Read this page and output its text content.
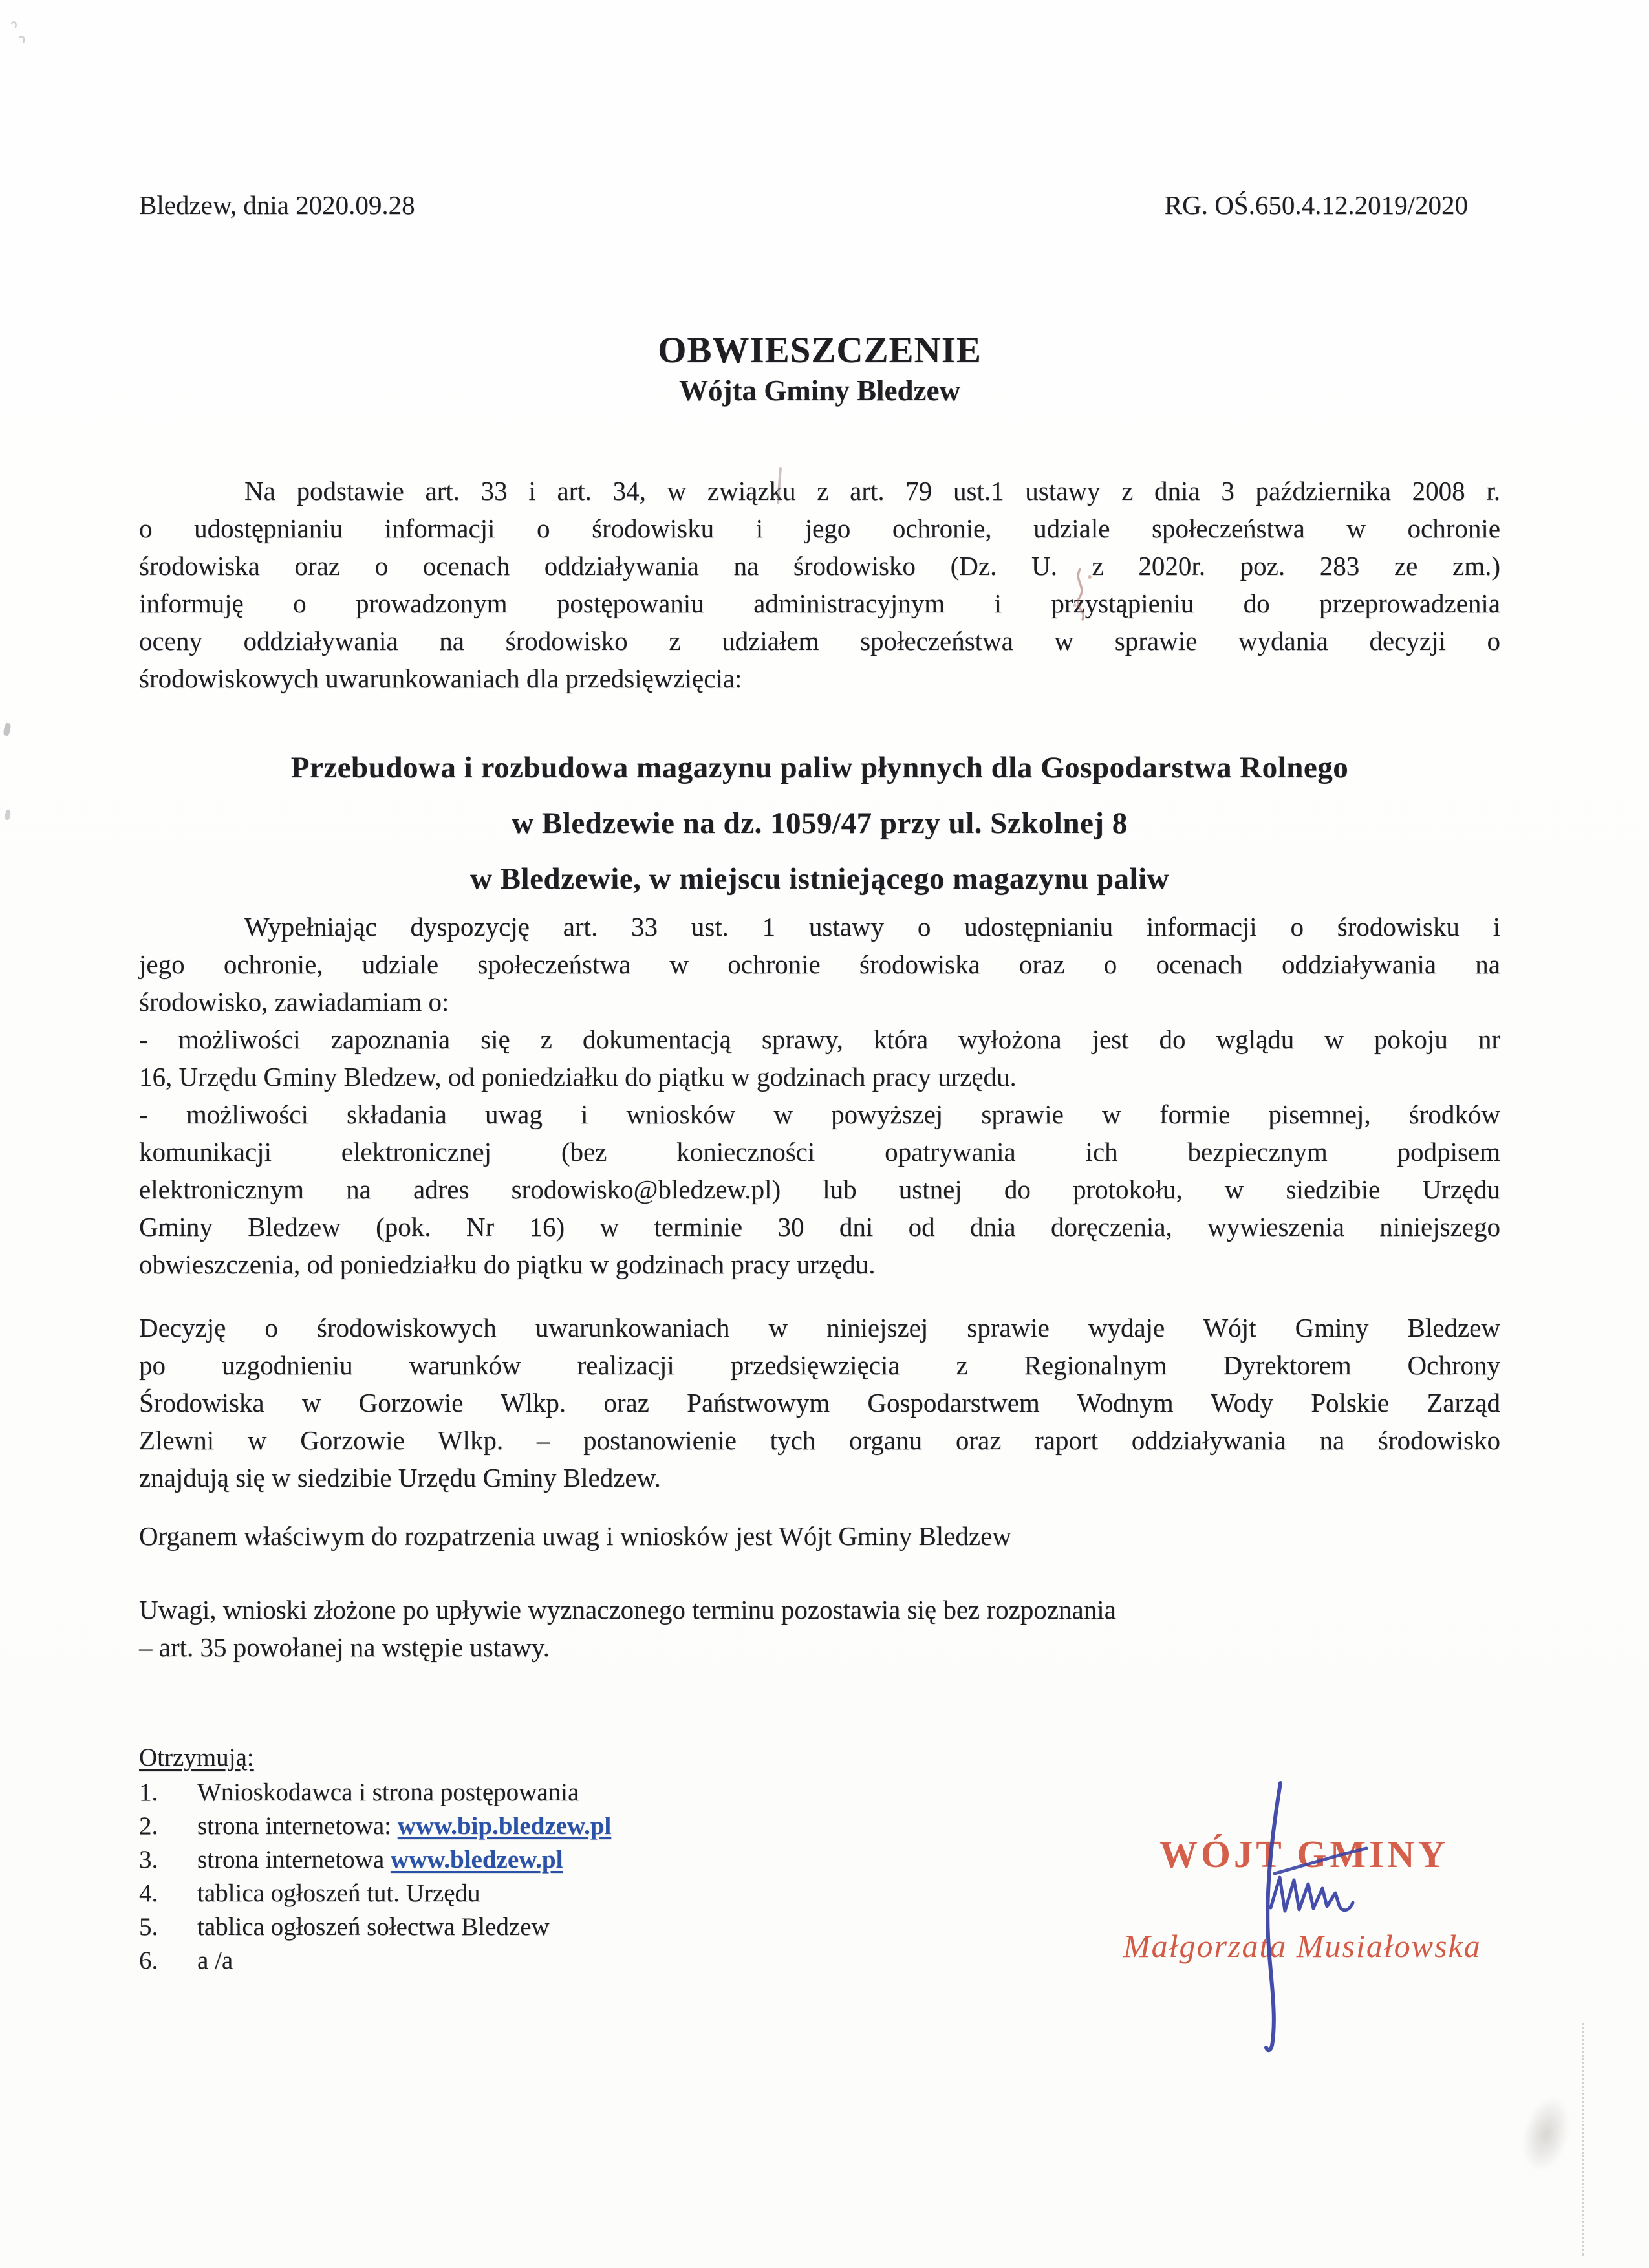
Bledzew, dnia 2020.09.28	RG. OŚ.650.4.12.2019/2020
OBWIESZCZENIE
Wójta Gminy Bledzew
Na podstawie art. 33 i art. 34, w związku z art. 79 ust.1 ustawy z dnia 3 października 2008 r.
o udostępnianiu informacji o środowisku i jego ochronie, udziale społeczeństwa w ochronie
środowiska oraz o ocenach oddziaływania na środowisko (Dz. U. z 2020r. poz. 283 ze zm.)
informuję o prowadzonym postępowaniu administracyjnym i przystąpieniu do przeprowadzenia
oceny oddziaływania na środowisko z udziałem społeczeństwa w sprawie wydania decyzji o
środowiskowych uwarunkowaniach dla przedsięwzięcia:
Przebudowa i rozbudowa magazynu paliw płynnych dla Gospodarstwa Rolnego
w Bledzewie na dz. 1059/47 przy ul. Szkolnej 8
w Bledzewie, w miejscu istniejącego magazynu paliw
Wypełniając dyspozycję art. 33 ust. 1 ustawy o udostępnianiu informacji o środowisku i
jego ochronie, udziale społeczeństwa w ochronie środowiska oraz o ocenach oddziaływania na
środowisko, zawiadamiam o:
- możliwości zapoznania się z dokumentacją sprawy, która wyłożona jest do wglądu w pokoju nr
16, Urzędu Gminy Bledzew, od poniedziałku do piątku w godzinach pracy urzędu.
- możliwości składania uwag i wniosków w powyższej sprawie w formie pisemnej, środków
komunikacji elektronicznej (bez konieczności opatrywania ich bezpiecznym podpisem
elektronicznym na adres srodowisko@bledzew.pl) lub ustnej do protokołu, w siedzibie Urzędu
Gminy Bledzew (pok. Nr 16) w terminie 30 dni od dnia doręczenia, wywieszenia niniejszego
obwieszczenia, od poniedziałku do piątku w godzinach pracy urzędu.
Decyzję o środowiskowych uwarunkowaniach w niniejszej sprawie wydaje Wójt Gminy Bledzew
po uzgodnieniu warunków realizacji przedsięwzięcia z Regionalnym Dyrektorem Ochrony
Środowiska w Gorzowie Wlkp. oraz Państwowym Gospodarstwem Wodnym Wody Polskie Zarząd
Zlewni w Gorzowie Wlkp. – postanowienie tych organu oraz raport oddziaływania na środowisko
znajdują się w siedzibie Urzędu Gminy Bledzew.
Organem właściwym do rozpatrzenia uwag i wniosków jest Wójt Gminy Bledzew
Uwagi, wnioski złożone po upływie wyznaczonego terminu pozostawia się bez rozpoznania
– art. 35 powołanej na wstępie ustawy.
Otrzymują:
1.	Wnioskodawca i strona postępowania
2.	strona internetowa: www.bip.bledzew.pl
3.	strona internetowa www.bledzew.pl
4.	tablica ogłoszeń tut. Urzędu
5.	tablica ogłoszeń sołectwa Bledzew
6.	a /a
WÓJT GMINY
Małgorzata Musiałowska
